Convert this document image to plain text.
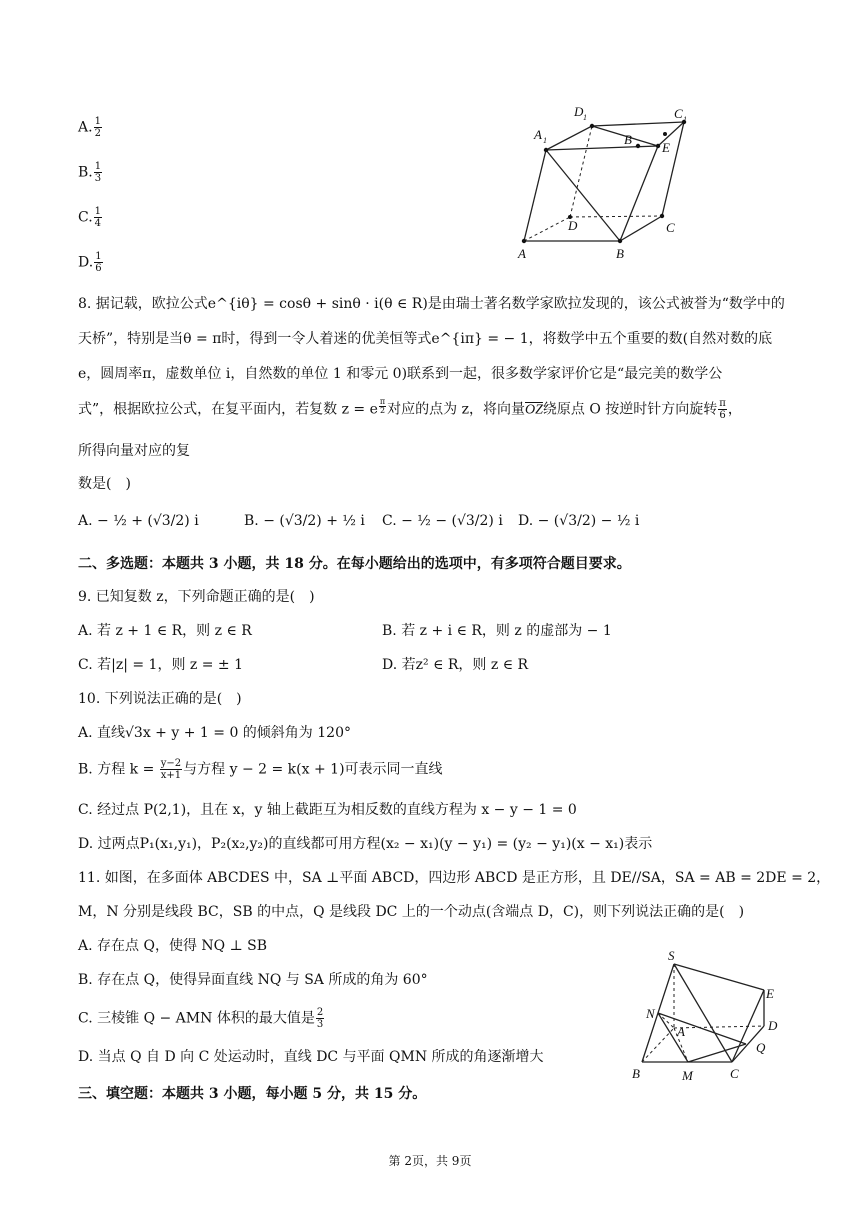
A. $\frac{1}{2}$
B. $\frac{1}{3}$
C. $\frac{1}{4}$
D. $\frac{1}{6}$
D 1	C 1
A 1	B
E
D	C
A	B
8. 据记载，欧拉公式e^{iθ} = cosθ + sinθ · i(θ ∈ R)是由瑞士著名数学家欧拉发现的，该公式被誉为“数学中的
天桥”，特别是当θ = π时，得到一令人着迷的优美恒等式e^{iπ} = − 1，将数学中五个重要的数(自然对数的底
e，圆周率π，虚数单位 i，自然数的单位 1 和零元 0)联系到一起，很多数学家评价它是“最完美的数学公
式”，根据欧拉公式，在复平面内，若复数 z = e $\frac{\pi}{2}$ 对应的点为 z，将向量$\overline{OZ}$绕原点 O 按逆时针方向旋转 $\frac{\pi}{6}$ ，
所得向量对应的复
数是(　)
A. − ½ + (√3/2) i	B. − (√3/2) + ½ i C. − ½ − (√3/2) i D. − (√3/2) − ½ i
二、多选题：本题共 3 小题，共 18 分。在每小题给出的选项中，有多项符合题目要求。
9. 已知复数 z，下列命题正确的是(　)
A. 若 z + 1 ∈ R，则 z ∈ R	B. 若 z + i ∈ R，则 z 的虚部为 − 1
C. 若|z| = 1，则 z = ± 1	D. 若z² ∈ R，则 z ∈ R
10. 下列说法正确的是(　)
A. 直线√3x + y + 1 = 0 的倾斜角为 120°
B. 方程 $k = \frac{y-2}{x+1}$ 与方程 y − 2 = k(x + 1)可表示同一直线
C. 经过点 P(2,1)，且在 x，y 轴上截距互为相反数的直线方程为 x − y − 1 = 0
D. 过两点P₁(x₁,y₁)，P₂(x₂,y₂)的直线都可用方程(x₂ − x₁)(y − y₁) = (y₂ − y₁)(x − x₁)表示
11. 如图，在多面体 ABCDES 中，SA ⊥平面 ABCD，四边形 ABCD 是正方形，且 DE//SA，SA = AB = 2DE = 2，
M，N 分别是线段 BC，SB 的中点，Q 是线段 DC 上的一个动点(含端点 D，C)，则下列说法正确的是(　)
A. 存在点 Q，使得 NQ ⊥ SB
B. 存在点 Q，使得异面直线 NQ 与 SA 所成的角为 60°
C. 三棱锥 Q − AMN 体积的最大值是 $\frac{2}{3}$
D. 当点 Q 自 D 向 C 处运动时，直线 DC 与平面 QMN 所成的角逐渐增大
S
E
N
A	D
Q
B	M	C
三、填空题：本题共 3 小题，每小题 5 分，共 15 分。
第 2页，共 9页
